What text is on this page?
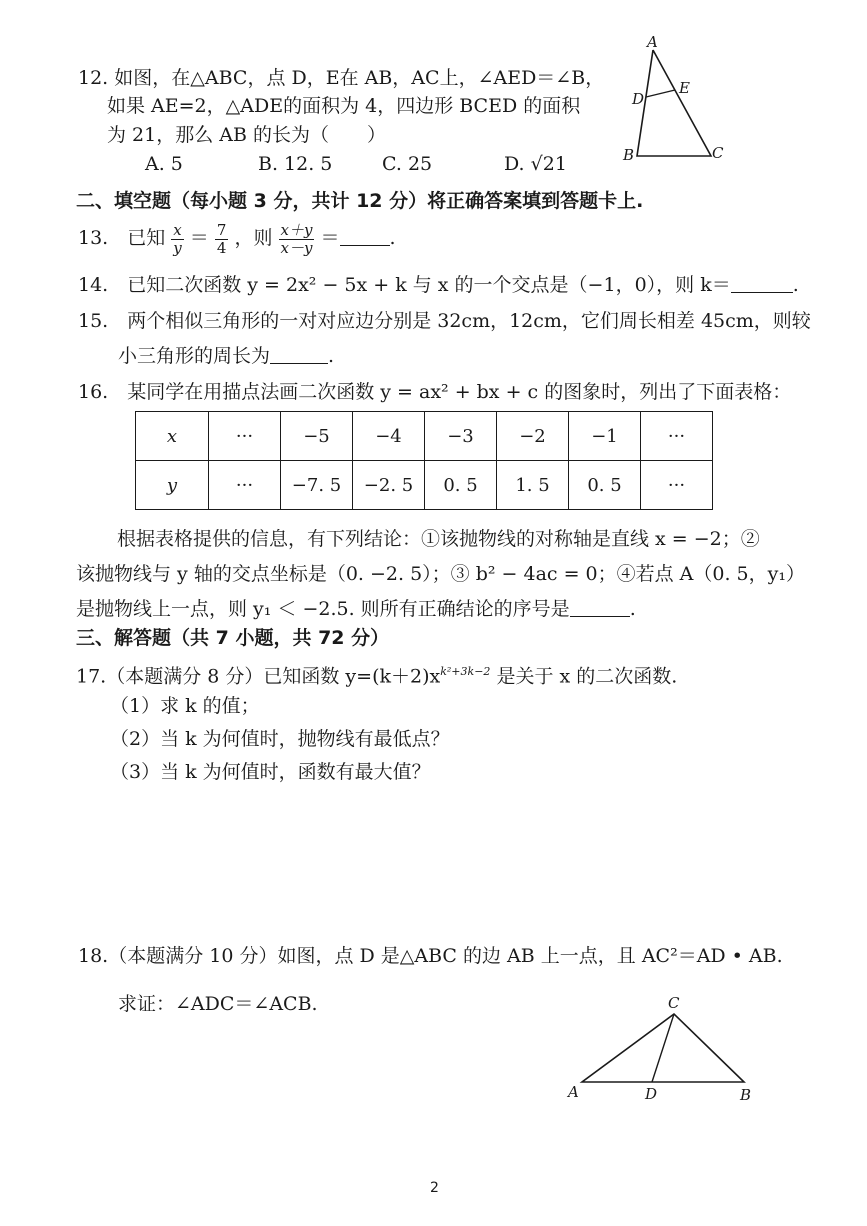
12. 如图，在△ABC，点 D，E在 AB，AC上，∠AED＝∠B，
如果 AE=2，△ADE的面积为 4，四边形 BCED 的面积
为 21，那么 AB 的长为（　　）
A. 5	B. 12. 5	C. 25	D. √21
A
D
E
B	C
二、填空题（每小题 3 分，共计 12 分）将正确答案填到答题卡上.
13.　已知 $\frac{x}{y} = \frac{7}{4}$ ，则 $\frac{x+y}{x-y}$ ＝	.
14.　已知二次函数 y = 2x² − 5x + k 与 x 的一个交点是（−1，0），则 k＝	.
15.　两个相似三角形的一对对应边分别是 32cm，12cm，它们周长相差 45cm，则较
小三角形的周长为	.
16.　某同学在用描点法画二次函数 y = ax² + bx + c 的图象时，列出了下面表格：
x	···	−5	−4	−3	−2	−1	···
y	···	−7. 5	−2. 5	0. 5	1. 5	0. 5	···
根据表格提供的信息，有下列结论：①该抛物线的对称轴是直线 x = −2；②
该抛物线与 y 轴的交点坐标是（0. −2. 5）；③ b² − 4ac = 0；④若点 A（0. 5，y₁）
是抛物线上一点，则 y₁ ＜ −2.5. 则所有正确结论的序号是	.
三、解答题（共 7 小题，共 72 分）
17.（本题满分 8 分）已知函数 $y=(k+2)x^{k^2+3k-2}$ 是关于 x 的二次函数.
（1）求 k 的值；
（2）当 k 为何值时，抛物线有最低点？
（3）当 k 为何值时，函数有最大值？
18.（本题满分 10 分）如图，点 D 是△ABC 的边 AB 上一点，且 AC²＝AD • AB.
求证：∠ADC＝∠ACB.	C
A	D	B
2
